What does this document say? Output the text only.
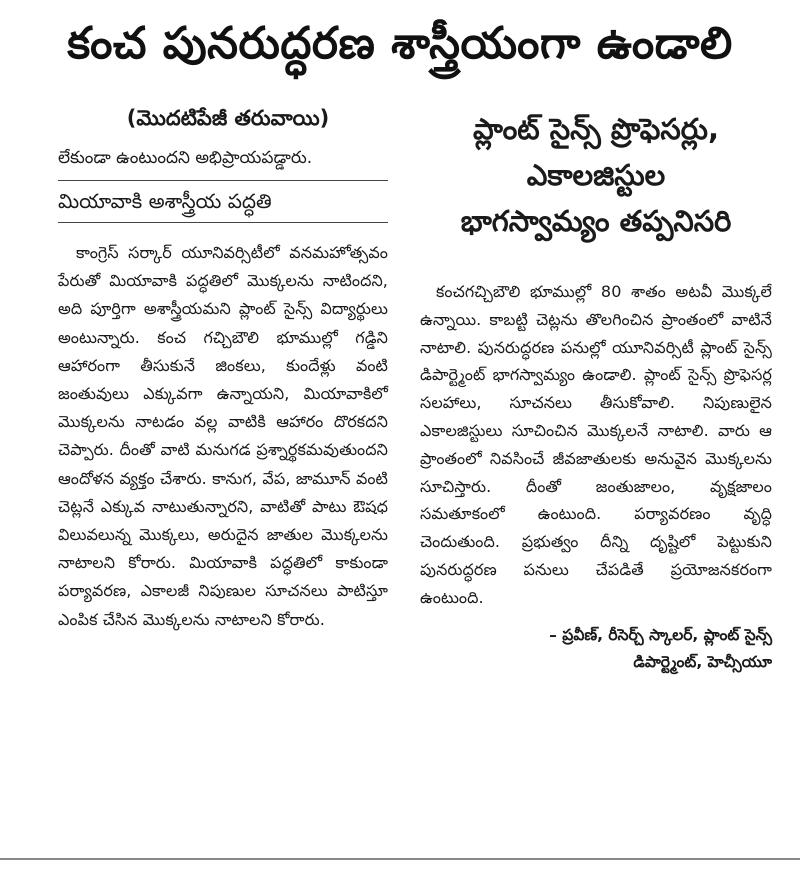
కంచ పునరుద్ధరణ శాస్త్రీయంగా ఉండాలి
(మొదటిపేజీ తరువాయి)
లేకుండా ఉంటుందని అభిప్రాయపడ్డారు.
మియావాకి అశాస్త్రీయ పద్ధతి

కాంగ్రెస్ సర్కార్ యూనివర్సిటీలో వనమహోత్సవం పేరుతో మియావాకి పద్ధతిలో మొక్కలను నాటిందని, అది పూర్తిగా అశాస్త్రీయమని ప్లాంట్ సైన్స్ విద్యార్థులు అంటున్నారు. కంచ గచ్చిబౌలి భూముల్లో గడ్డిని ఆహారంగా తీసుకునే జింకలు, కుందేళ్లు వంటి జంతువులు ఎక్కువగా ఉన్నాయని, మియావాకిలో మొక్కలను నాటడం వల్ల వాటికి ఆహారం దొరకదని చెప్పారు. దీంతో వాటి మనుగడ ప్రశ్నార్థకమవుతుందని ఆందోళన వ్యక్తం చేశారు. కానుగ, వేప, జామూన్ వంటి చెట్లనే ఎక్కువ నాటుతున్నారని, వాటితో పాటు ఔషధ విలువలున్న మొక్కలు, అరుదైన జాతుల మొక్కలను నాటాలని కోరారు. మియావాకి పద్ధతిలో కాకుండా పర్యావరణ, ఎకాలజీ నిపుణుల సూచనలు పాటిస్తూ ఎంపిక చేసిన మొక్కలను నాటాలని కోరారు.

ప్లాంట్ సైన్స్ ప్రొఫెసర్లు,
ఎకాలజిస్టుల
భాగస్వామ్యం తప్పనిసరి

కంచగచ్చిబౌలి భూముల్లో 80 శాతం అటవీ మొక్కలే ఉన్నాయి. కాబట్టి చెట్లను తొలగించిన ప్రాంతంలో వాటినే నాటాలి. పునరుద్ధరణ పనుల్లో యూనివర్సిటీ ప్లాంట్ సైన్స్ డిపార్ట్మెంట్ భాగస్వామ్యం ఉండాలి. ప్లాంట్ సైన్స్ ప్రొఫెసర్ల సలహాలు, సూచనలు తీసుకోవాలి. నిపుణులైన ఎకాలజిస్టులు సూచించిన మొక్కలనే నాటాలి. వారు ఆ ప్రాంతంలో నివసించే జీవజాతులకు అనువైన మొక్కలను సూచిస్తారు. దీంతో జంతుజాలం, వృక్షజాలం సమతూకంలో ఉంటుంది. పర్యావరణం వృద్ధి చెందుతుంది. ప్రభుత్వం దీన్ని దృష్టిలో పెట్టుకుని పునరుద్ధరణ పనులు చేపడితే ప్రయోజనకరంగా ఉంటుంది.

– ప్రవీణ్, రీసెర్చ్ స్కాలర్, ప్లాంట్ సైన్స్
డిపార్ట్మెంట్, హెచ్సీయూ
